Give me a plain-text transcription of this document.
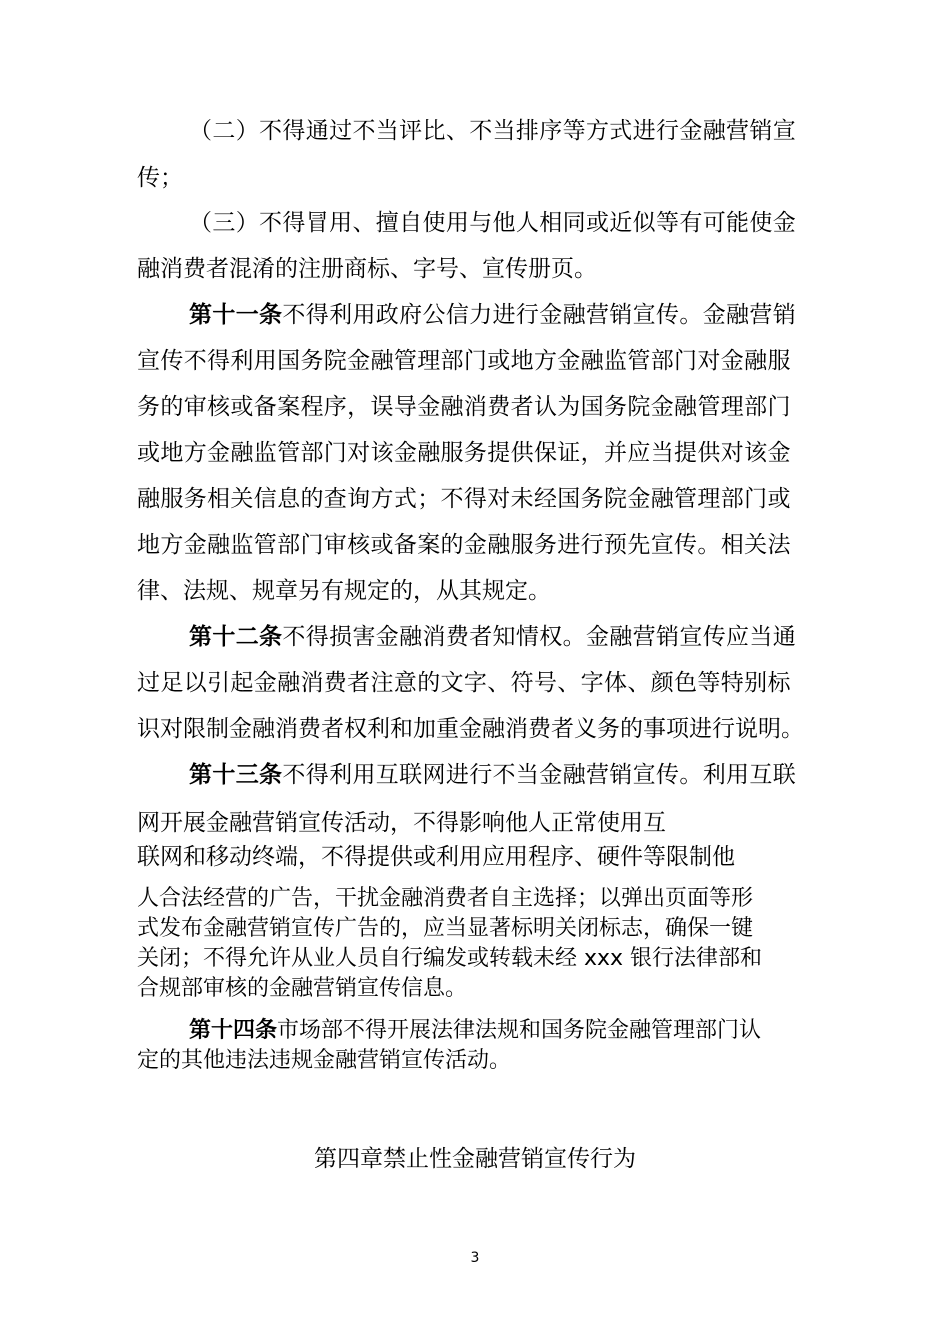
（二）不得通过不当评比、不当排序等方式进行金融营销宣
传；
（三）不得冒用、擅自使用与他人相同或近似等有可能使金
融消费者混淆的注册商标、字号、宣传册页。
第十一条不得利用政府公信力进行金融营销宣传。金融营销
宣传不得利用国务院金融管理部门或地方金融监管部门对金融服
务的审核或备案程序，误导金融消费者认为国务院金融管理部门
或地方金融监管部门对该金融服务提供保证，并应当提供对该金
融服务相关信息的查询方式；不得对未经国务院金融管理部门或
地方金融监管部门审核或备案的金融服务进行预先宣传。相关法
律、法规、规章另有规定的，从其规定。
第十二条不得损害金融消费者知情权。金融营销宣传应当通
过足以引起金融消费者注意的文字、符号、字体、颜色等特别标
识对限制金融消费者权利和加重金融消费者义务的事项进行说明。
第十三条不得利用互联网进行不当金融营销宣传。利用互联
网开展金融营销宣传活动，不得影响他人正常使用互
联网和移动终端，不得提供或利用应用程序、硬件等限制他
人合法经营的广告，干扰金融消费者自主选择；以弹出页面等形
式发布金融营销宣传广告的，应当显著标明关闭标志，确保一键
关闭；不得允许从业人员自行编发或转载未经 xxx 银行法律部和
合规部审核的金融营销宣传信息。
第十四条市场部不得开展法律法规和国务院金融管理部门认
定的其他违法违规金融营销宣传活动。
第四章禁止性金融营销宣传行为
3
